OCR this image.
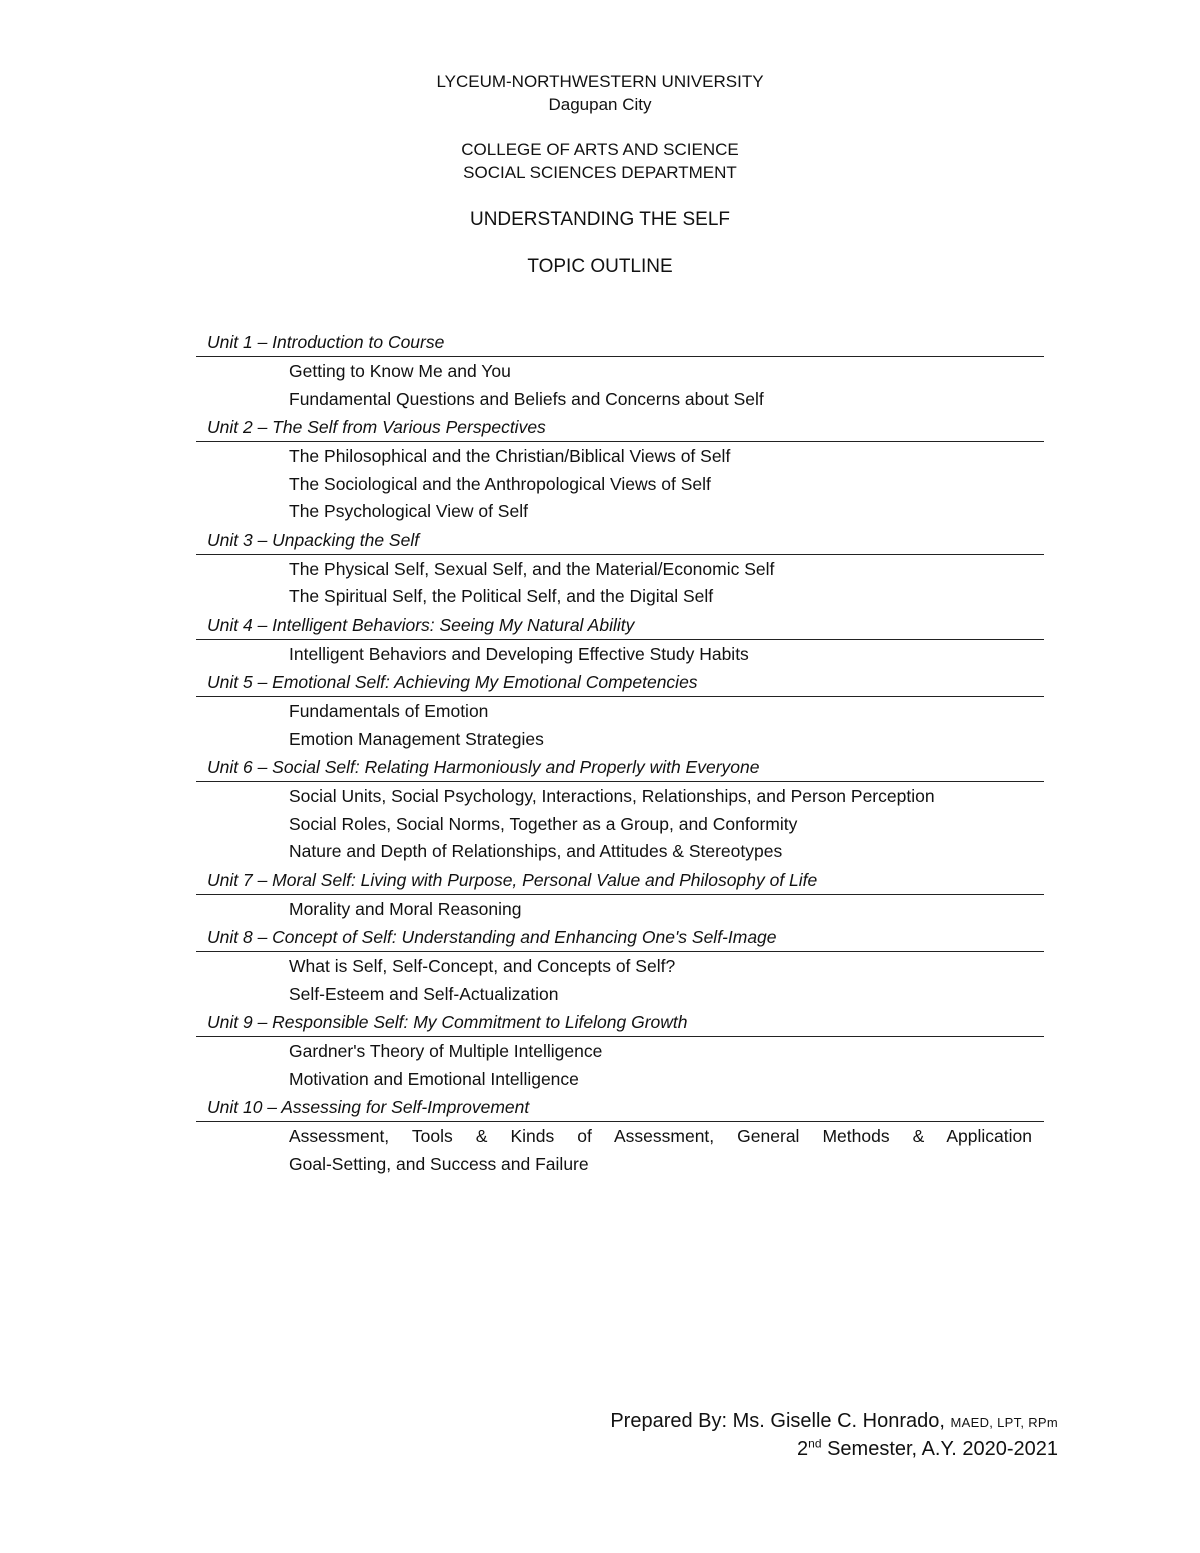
LYCEUM-NORTHWESTERN UNIVERSITY
Dagupan City
COLLEGE OF ARTS AND SCIENCE
SOCIAL SCIENCES DEPARTMENT
UNDERSTANDING THE SELF
TOPIC OUTLINE
Unit 1 – Introduction to Course
Getting to Know Me and You
Fundamental Questions and Beliefs and Concerns about Self
Unit 2 – The Self from Various Perspectives
The Philosophical and the Christian/Biblical Views of Self
The Sociological and the Anthropological Views of Self
The Psychological View of Self
Unit 3 – Unpacking the Self
The Physical Self, Sexual Self, and the Material/Economic Self
The Spiritual Self, the Political Self, and the Digital Self
Unit 4 – Intelligent Behaviors: Seeing My Natural Ability
Intelligent Behaviors and Developing Effective Study Habits
Unit 5 – Emotional Self: Achieving My Emotional Competencies
Fundamentals of Emotion
Emotion Management Strategies
Unit 6 – Social Self: Relating Harmoniously and Properly with Everyone
Social Units, Social Psychology, Interactions, Relationships, and Person Perception
Social Roles, Social Norms, Together as a Group, and Conformity
Nature and Depth of Relationships, and Attitudes & Stereotypes
Unit 7 – Moral Self: Living with Purpose, Personal Value and Philosophy of Life
Morality and Moral Reasoning
Unit 8 – Concept of Self: Understanding and Enhancing One's Self-Image
What is Self, Self-Concept, and Concepts of Self?
Self-Esteem and Self-Actualization
Unit 9 – Responsible Self: My Commitment to Lifelong Growth
Gardner's Theory of Multiple Intelligence
Motivation and Emotional Intelligence
Unit 10 – Assessing for Self-Improvement
Assessment, Tools & Kinds of Assessment, General Methods & Application
Goal-Setting, and Success and Failure
Prepared By: Ms. Giselle C. Honrado, MAED, LPT, RPm
2nd Semester, A.Y. 2020-2021
